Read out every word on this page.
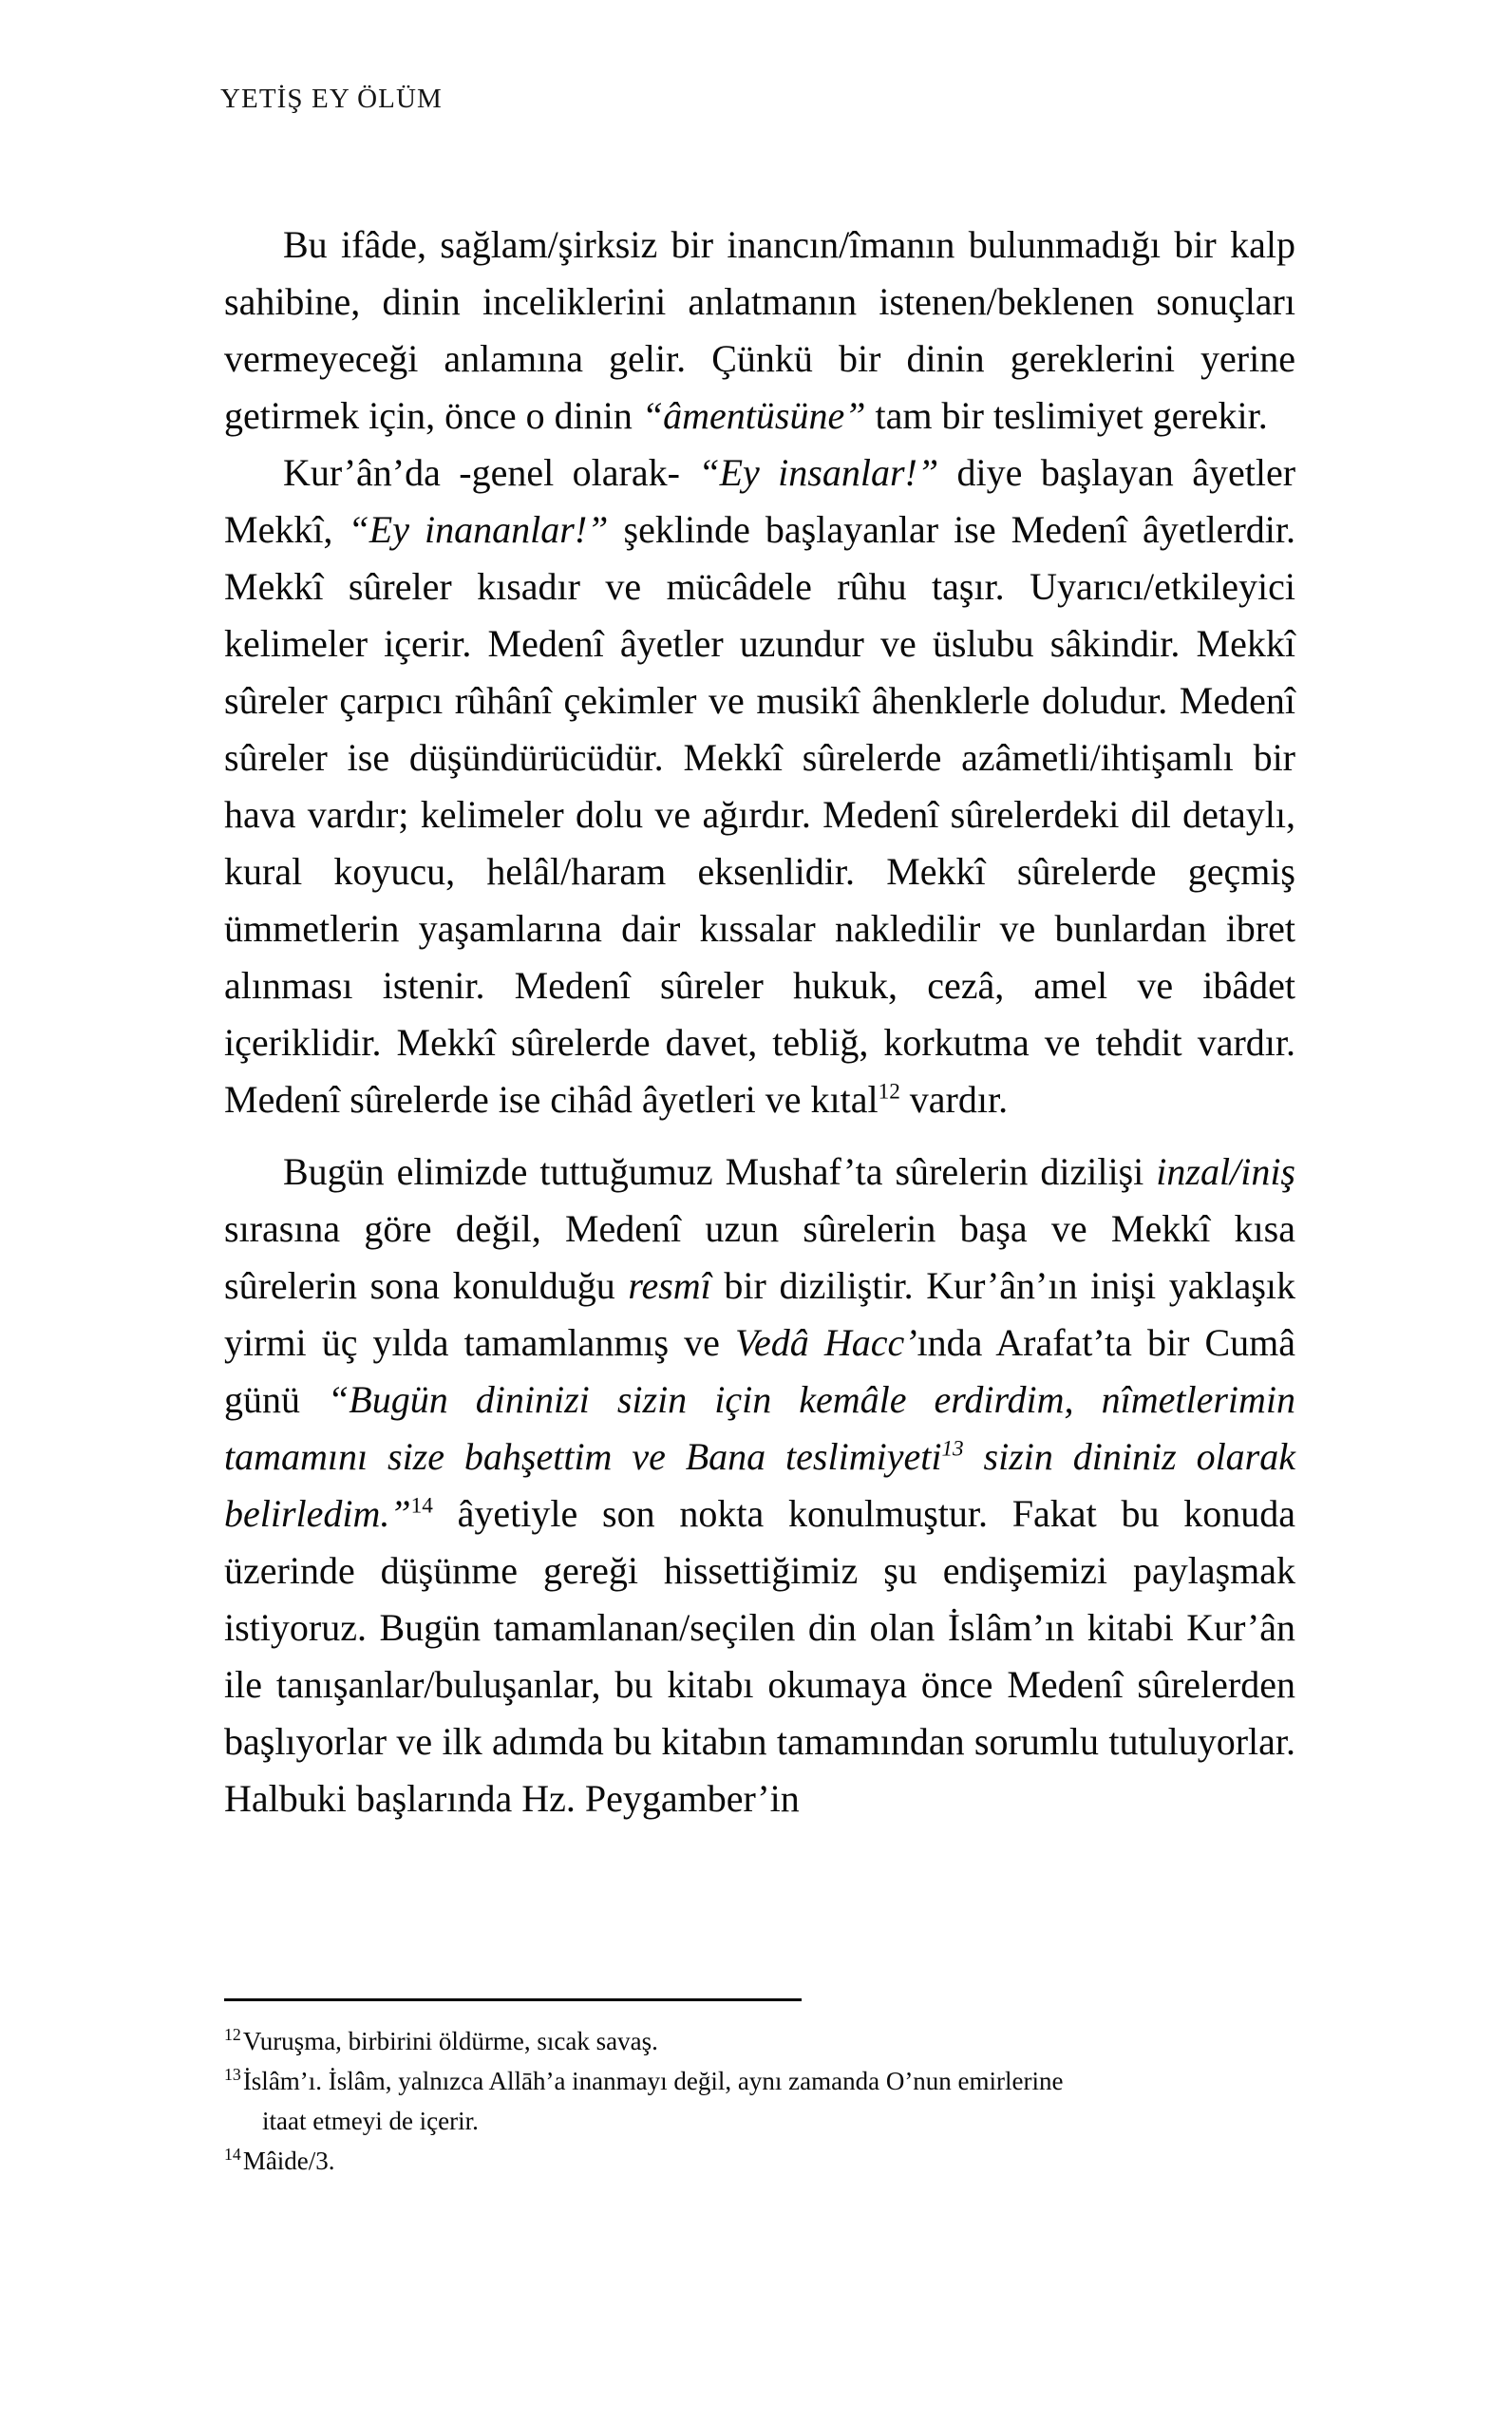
YETİŞ EY ÖLÜM

Bu ifâde, sağlam/şirksiz bir inancın/îmanın bulunmadığı bir kalp sahibine, dinin inceliklerini anlatmanın istenen/beklenen sonuçları vermeyeceği anlamına gelir. Çünkü bir dinin gereklerini yerine getirmek için, önce o dinin “âmentüsüne” tam bir teslimiyet gerekir.

Kur’ân’da -genel olarak- “Ey insanlar!” diye başlayan âyetler Mekkî, “Ey inananlar!” şeklinde başlayanlar ise Medenî âyetlerdir. Mekkî sûreler kısadır ve mücâdele rûhu taşır. Uyarıcı/etkileyici kelimeler içerir. Medenî âyetler uzundur ve üslubu sâkindir. Mekkî sûreler çarpıcı rûhânî çekimler ve musikî âhenklerle doludur. Medenî sûreler ise düşündürücüdür. Mekkî sûrelerde azâmetli/ihtişamlı bir hava vardır; kelimeler dolu ve ağırdır. Medenî sûrelerdeki dil detaylı, kural koyucu, helâl/haram eksenlidir. Mekkî sûrelerde geçmiş ümmetlerin yaşamlarına dair kıssalar nakledilir ve bunlardan ibret alınması istenir. Medenî sûreler hukuk, cezâ, amel ve ibâdet içeriklidir. Mekkî sûrelerde davet, tebliğ, korkutma ve tehdit vardır. Medenî sûrelerde ise cihâd âyetleri ve kıtal$^{12}$ vardır.

Bugün elimizde tuttuğumuz Mushaf’ta sûrelerin dizilişi inzal/iniş sırasına göre değil, Medenî uzun sûrelerin başa ve Mekkî kısa sûrelerin sona konulduğu resmî bir diziliştir. Kur’ân’ın inişi yaklaşık yirmi üç yılda tamamlanmış ve Vedâ Hacc’ında Arafat’ta bir Cumâ günü “Bugün dininizi sizin için kemâle erdirdim, nîmetlerimin tamamını size bahşettim ve Bana teslimiyeti$^{13}$ sizin dininiz olarak belirledim.”$^{14}$ âyetiyle son nokta konulmuştur. Fakat bu konuda üzerinde düşünme gereği hissettiğimiz şu endişemizi paylaşmak istiyoruz. Bugün tamamlanan/seçilen din olan İslâm’ın kitabi Kur’ân ile tanışanlar/buluşanlar, bu kitabı okumaya önce Medenî sûrelerden başlıyorlar ve ilk adımda bu kitabın tamamından sorumlu tutuluyorlar. Halbuki başlarında Hz. Peygamber’in

$^{12}$Vuruşma, birbirini öldürme, sıcak savaş.
$^{13}$İslâm’ı. İslâm, yalnızca Allāh’a inanmayı değil, aynı zamanda O’nun emirlerine
itaat etmeyi de içerir.
$^{14}$Mâide/3.
